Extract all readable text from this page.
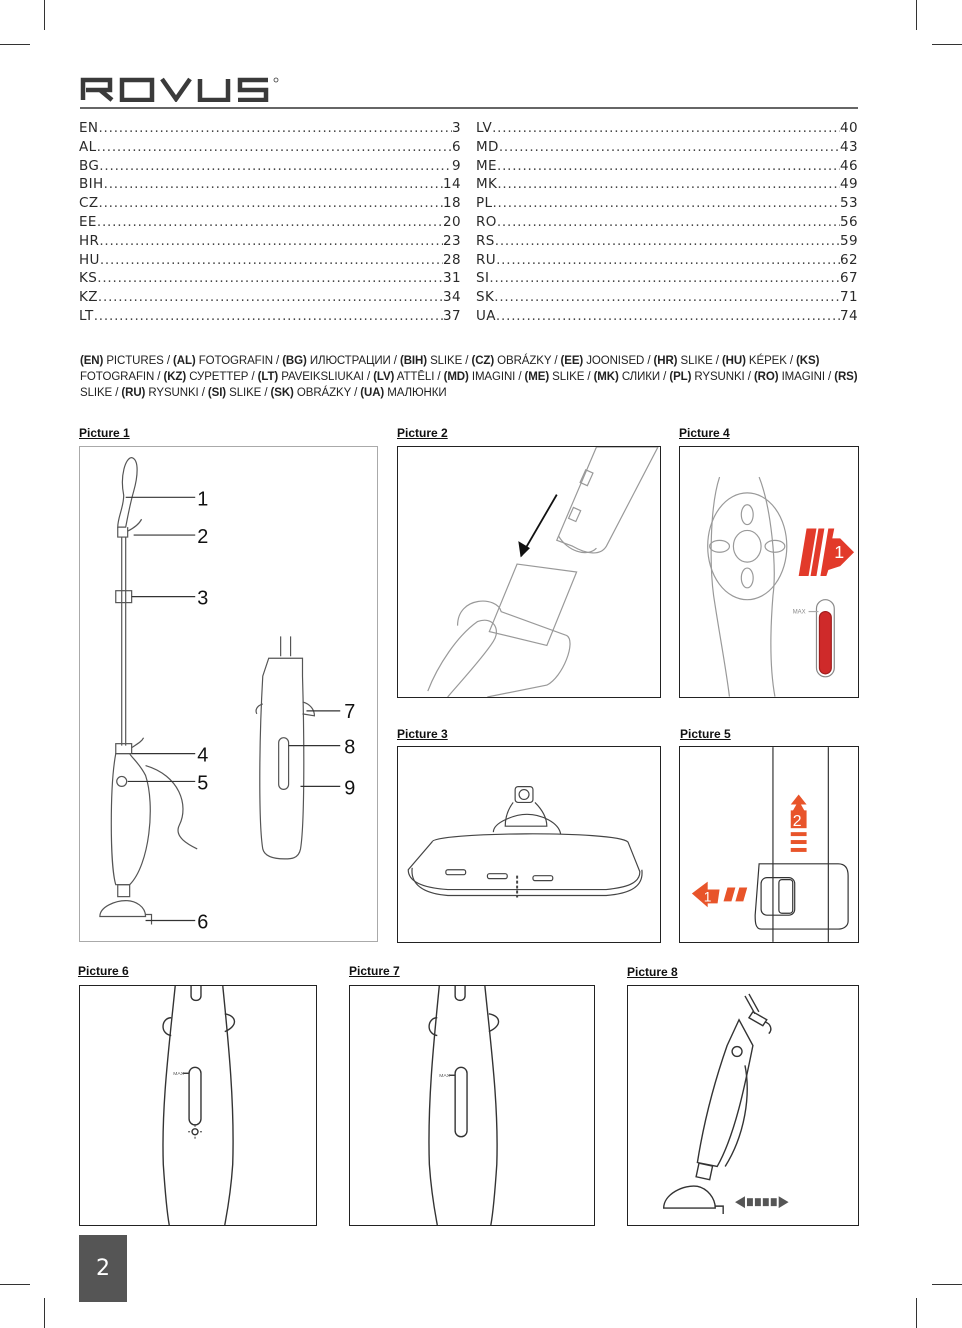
EN .....	3
AL .....	6
BG .....	9
BIH .....	14
CZ .....	18
EE .....	20
HR .....	23
HU .....	28
KS .....	31
KZ .....	34
LT .....	37
LV .....	40
MD .....	43
ME .....	46
MK .....	49
PL .....	53
RO .....	56
RS .....	59
RU .....	62
SI .....	67
SK .....	71
UA .....	74
(EN) PICTURES / (AL) FOTOGRAFIN / (BG) ИЛЮСТРАЦИИ / (BIH) SLIKE / (CZ) OBRÁZKY / (EE) JOONISED / (HR) SLIKE / (HU) KÉPEK / (KS) FOTOGRAFIN / (KZ) СУРЕТТЕР / (LT) PAVEIKSLIUKAI / (LV) ATTĒLI / (MD) IMAGINI / (ME) SLIKE / (MK) СЛИКИ / (PL) RYSUNKI / (RO) IMAGINI / (RS) SLIKE / (RU) RYSUNKI / (SI) SLIKE / (SK) OBRÁZKY / (UA) МАЛЮНКИ
Picture 1	Picture 2	Picture 4
Picture 3	Picture 5
Picture 6	Picture 7	Picture 8
1
2
3
4
5
6
7
8
9
MAX
1
2
1
MAX	MAX
2
